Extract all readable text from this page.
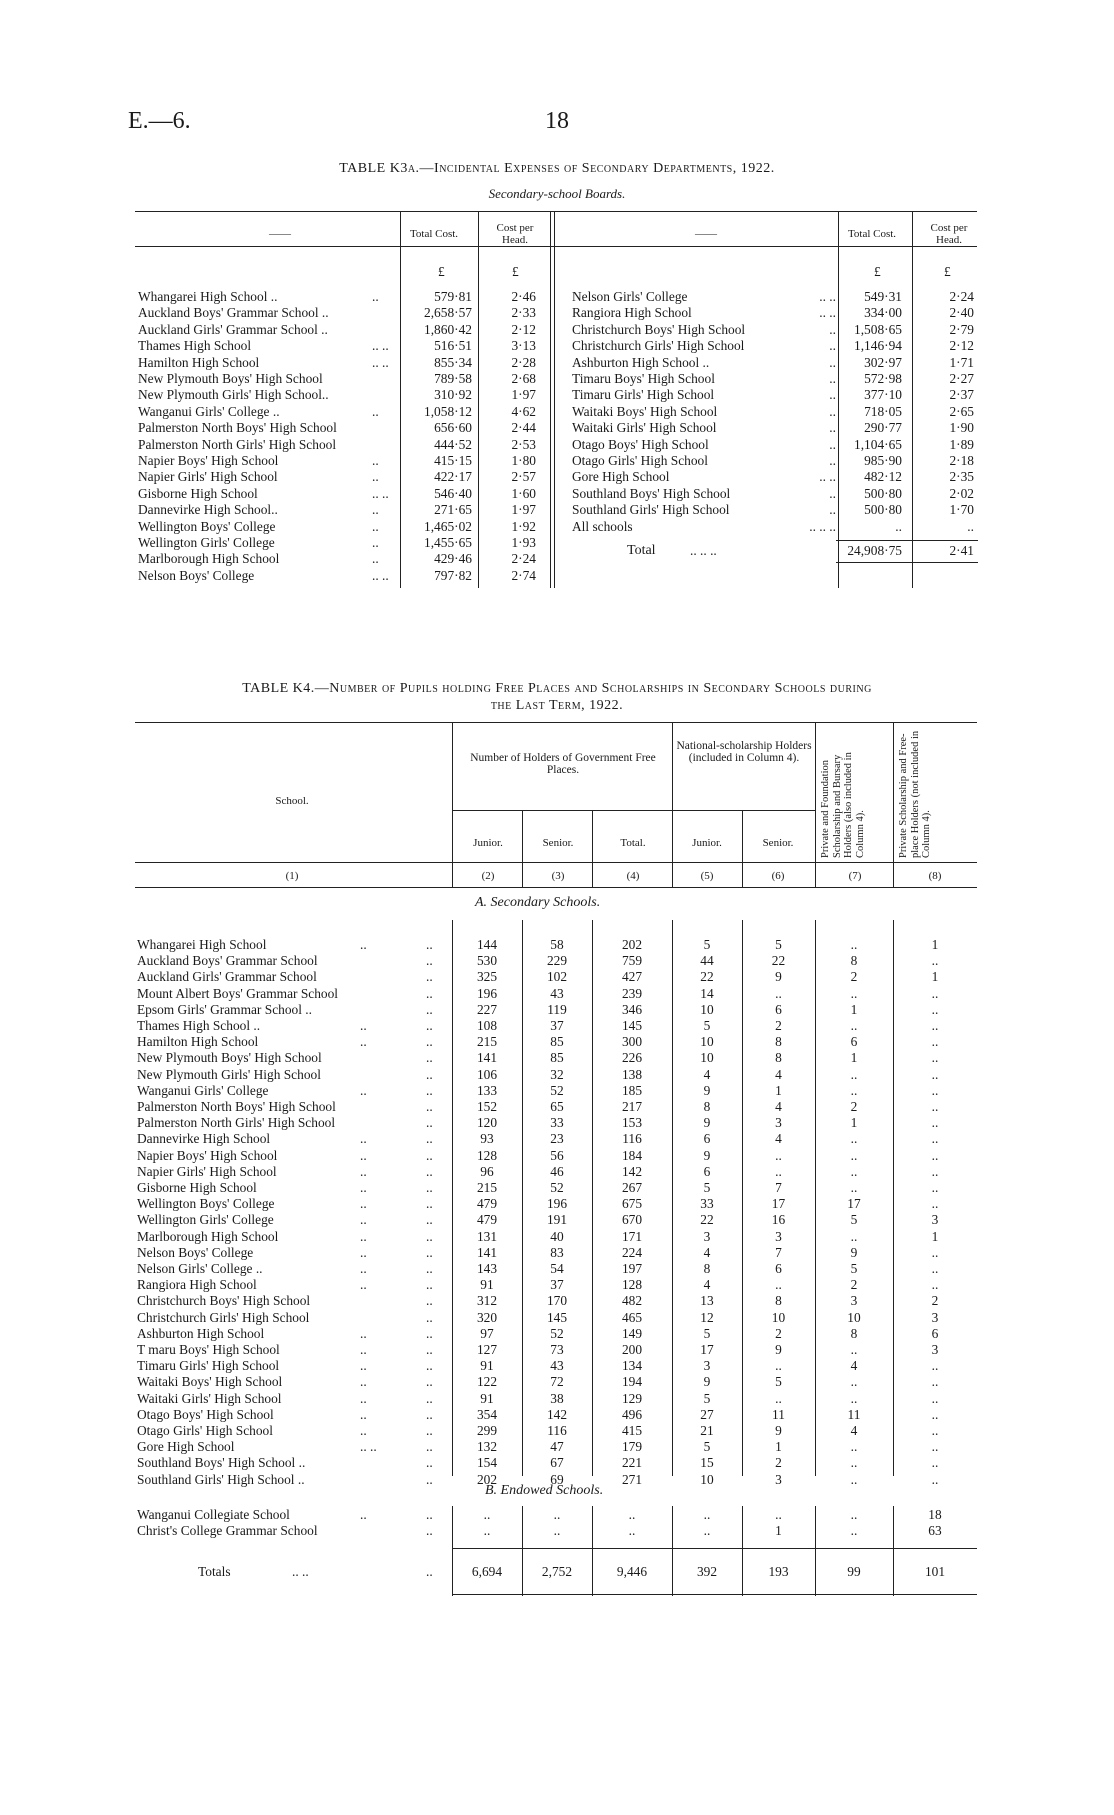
E.—6.	18
TABLE K3a.—Incidental Expenses of Secondary Departments, 1922.
Secondary-school Boards.
——	Total Cost.	Cost per Head.	——	Total Cost.	Cost per Head.
£	£	£	£
Whangarei High School ..	..	579·81	2·46
Auckland Boys' Grammar School ..	2,658·57	2·33
Auckland Girls' Grammar School ..	1,860·42	2·12
Thames High School	.. ..	516·51	3·13
Hamilton High School	.. ..	855·34	2·28
New Plymouth Boys' High School	789·58	2·68
New Plymouth Girls' High School..	310·92	1·97
Wanganui Girls' College ..	..	1,058·12	4·62
Palmerston North Boys' High School	656·60	2·44
Palmerston North Girls' High School	444·52	2·53
Napier Boys' High School	..	415·15	1·80
Napier Girls' High School	..	422·17	2·57
Gisborne High School	.. ..	546·40	1·60
Dannevirke High School..	..	271·65	1·97
Wellington Boys' College	..	1,465·02	1·92
Wellington Girls' College	..	1,455·65	1·93
Marlborough High School	..	429·46	2·24
Nelson Boys' College	.. ..	797·82	2·74
Nelson Girls' College	.. ..	549·31	2·24
Rangiora High School	.. ..	334·00	2·40
Christchurch Boys' High School	..	1,508·65	2·79
Christchurch Girls' High School	..	1,146·94	2·12
Ashburton High School ..	..	302·97	1·71
Timaru Boys' High School	..	572·98	2·27
Timaru Girls' High School	..	377·10	2·37
Waitaki Boys' High School	..	718·05	2·65
Waitaki Girls' High School	..	290·77	1·90
Otago Boys' High School	..	1,104·65	1·89
Otago Girls' High School	..	985·90	2·18
Gore High School	.. ..	482·12	2·35
Southland Boys' High School	..	500·80	2·02
Southland Girls' High School	..	500·80	1·70
All schools	.. .. ..	..	..
Total	.. .. ..	24,908·75	2·41
TABLE K4.—Number of Pupils holding Free Places and Scholarships in Secondary Schools during
the Last Term, 1922.
School.
Number of Holders of Government Free Places.
National-scholarship Holders (included in Column 4).
Junior.	Senior.	Total.	Junior.	Senior.	Private and Foundation Scholarship and Bursary Holders (also included in Column 4).	Private Scholarship and Free-place Holders (not included in Column 4).
(1)	(2)	(3)	(4)	(5)	(6)	(7)	(8)
A. Secondary Schools.
B. Endowed Schools.
Whangarei High School	..	..	144	58	202	5	5	..	1
Auckland Boys' Grammar School	..	530	229	759	44	22	8	..
Auckland Girls' Grammar School	..	325	102	427	22	9	2	1
Mount Albert Boys' Grammar School	..	196	43	239	14	..	..	..
Epsom Girls' Grammar School ..	..	227	119	346	10	6	1	..
Thames High School ..	..	..	108	37	145	5	2	..	..
Hamilton High School	..	..	215	85	300	10	8	6	..
New Plymouth Boys' High School	..	141	85	226	10	8	1	..
New Plymouth Girls' High School	..	106	32	138	4	4	..	..
Wanganui Girls' College	..	..	133	52	185	9	1	..	..
Palmerston North Boys' High School	..	152	65	217	8	4	2	..
Palmerston North Girls' High School	..	120	33	153	9	3	1	..
Dannevirke High School	..	..	93	23	116	6	4	..	..
Napier Boys' High School	..	..	128	56	184	9	..	..	..
Napier Girls' High School	..	..	96	46	142	6	..	..	..
Gisborne High School	..	..	215	52	267	5	7	..	..
Wellington Boys' College	..	..	479	196	675	33	17	17	..
Wellington Girls' College	..	..	479	191	670	22	16	5	3
Marlborough High School	..	..	131	40	171	3	3	..	1
Nelson Boys' College	..	..	141	83	224	4	7	9	..
Nelson Girls' College ..	..	..	143	54	197	8	6	5	..
Rangiora High School	..	..	91	37	128	4	..	2	..
Christchurch Boys' High School	..	312	170	482	13	8	3	2
Christchurch Girls' High School	..	320	145	465	12	10	10	3
Ashburton High School	..	..	97	52	149	5	2	8	6
T maru Boys' High School	..	..	127	73	200	17	9	..	3
Timaru Girls' High School	..	..	91	43	134	3	..	4	..
Waitaki Boys' High School	..	..	122	72	194	9	5	..	..
Waitaki Girls' High School	..	..	91	38	129	5	..	..	..
Otago Boys' High School	..	..	354	142	496	27	11	11	..
Otago Girls' High School	..	..	299	116	415	21	9	4	..
Gore High School	.. ..	..	132	47	179	5	1	..	..
Southland Boys' High School ..	..	154	67	221	15	2	..	..
Southland Girls' High School ..	..	202	69	271	10	3	..	..
Wanganui Collegiate School	..	..	..	..	..	..	..	..	18
Christ's College Grammar School	..	..	..	..	..	1	..	63
Totals	.. ..	..	6,694	2,752	9,446	392	193	99	101
